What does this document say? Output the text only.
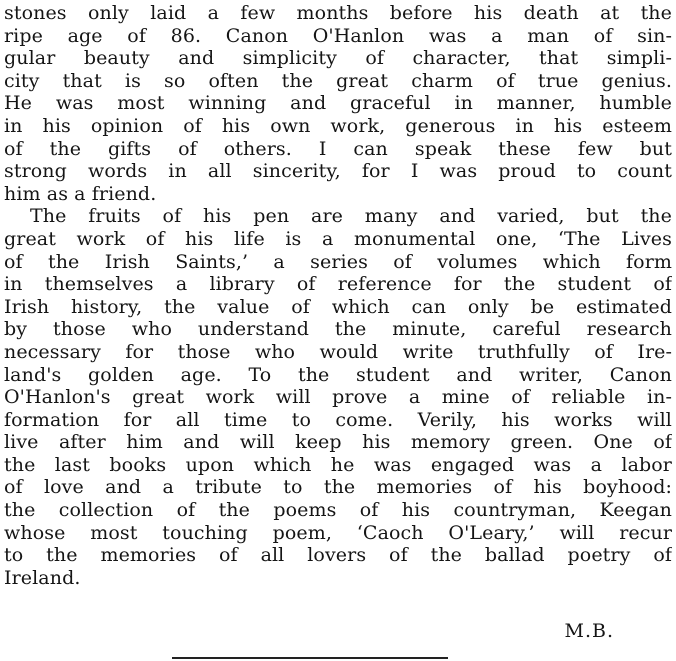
stones only laid a few months before his death at the
ripe age of 86. Canon O'Hanlon was a man of sin-
gular beauty and simplicity of character, that simpli-
city that is so often the great charm of true genius.
He was most winning and graceful in manner, humble
in his opinion of his own work, generous in his esteem
of the gifts of others. I can speak these few but
strong words in all sincerity, for I was proud to count
him as a friend.
The fruits of his pen are many and varied, but the
great work of his life is a monumental one, ‘The Lives
of the Irish Saints,’ a series of volumes which form
in themselves a library of reference for the student of
Irish history, the value of which can only be estimated
by those who understand the minute, careful research
necessary for those who would write truthfully of Ire-
land's golden age. To the student and writer, Canon
O'Hanlon's great work will prove a mine of reliable in-
formation for all time to come. Verily, his works will
live after him and will keep his memory green. One of
the last books upon which he was engaged was a labor
of love and a tribute to the memories of his boyhood:
the collection of the poems of his countryman, Keegan
whose most touching poem, ‘Caoch O'Leary,’ will recur
to the memories of all lovers of the ballad poetry of
Ireland.
M.B.
